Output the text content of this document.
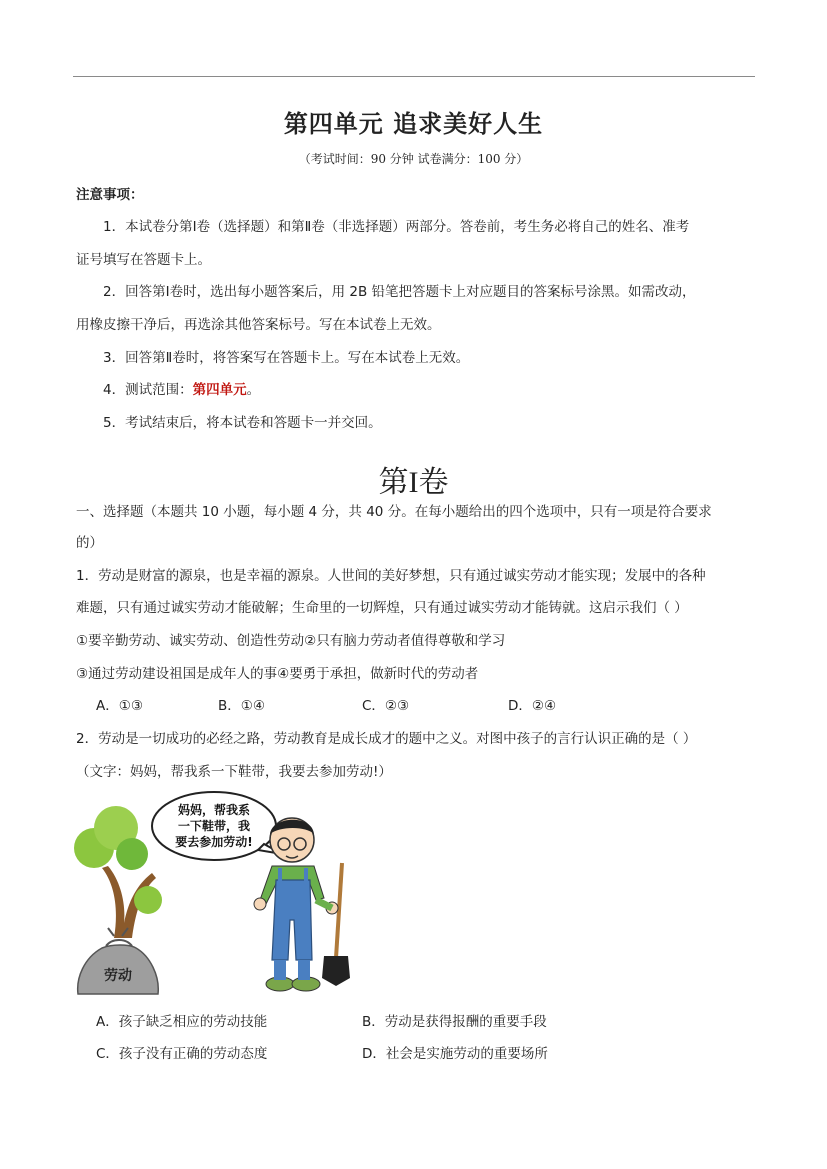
第四单元 追求美好人生
（考试时间：90 分钟 试卷满分：100 分）
注意事项：
1．本试卷分第Ⅰ卷（选择题）和第Ⅱ卷（非选择题）两部分。答卷前，考生务必将自己的姓名、准考
证号填写在答题卡上。
2．回答第Ⅰ卷时，选出每小题答案后，用 2B 铅笔把答题卡上对应题目的答案标号涂黑。如需改动，
用橡皮擦干净后，再选涂其他答案标号。写在本试卷上无效。
3．回答第Ⅱ卷时，将答案写在答题卡上。写在本试卷上无效。
4．测试范围：第四单元。
5．考试结束后，将本试卷和答题卡一并交回。
第I卷
一、选择题（本题共 10 小题，每小题 4 分，共 40 分。在每小题给出的四个选项中，只有一项是符合要求
的）
1．劳动是财富的源泉，也是幸福的源泉。人世间的美好梦想，只有通过诚实劳动才能实现；发展中的各种
难题，只有通过诚实劳动才能破解；生命里的一切辉煌，只有通过诚实劳动才能铸就。这启示我们（ ）
①要辛勤劳动、诚实劳动、创造性劳动②只有脑力劳动者值得尊敬和学习
③通过劳动建设祖国是成年人的事④要勇于承担，做新时代的劳动者
A．①③	B．①④	C．②③	D．②④
2．劳动是一切成功的必经之路，劳动教育是成长成才的题中之义。对图中孩子的言行认识正确的是（ ）
（文字：妈妈，帮我系一下鞋带，我要去参加劳动!）
劳动
妈妈，帮我系
一下鞋带，我
要去参加劳动!
A．孩子缺乏相应的劳动技能	B．劳动是获得报酬的重要手段
C．孩子没有正确的劳动态度	D．社会是实施劳动的重要场所
